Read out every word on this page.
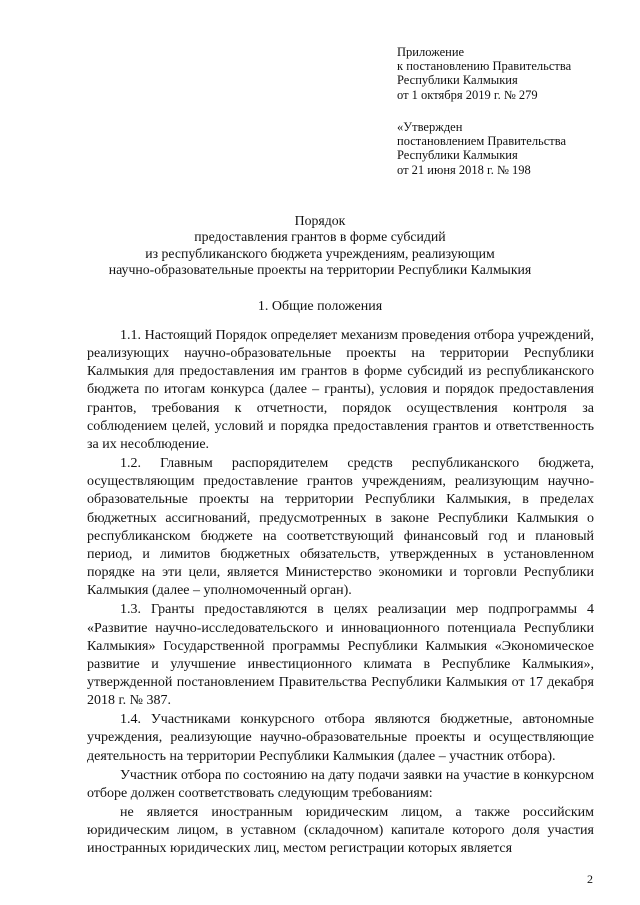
Приложение
к постановлению Правительства
Республики Калмыкия
от 1 октября 2019 г. № 279
«Утвержден
постановлением Правительства
Республики Калмыкия
от 21 июня 2018 г. № 198
Порядок
предоставления грантов в форме субсидий
из республиканского бюджета учреждениям, реализующим
научно-образовательные проекты на территории Республики Калмыкия
1. Общие положения

1.1. Настоящий Порядок определяет механизм проведения отбора учреждений, реализующих научно-образовательные проекты на территории Республики Калмыкия для предоставления им грантов в форме субсидий из республиканского бюджета по итогам конкурса (далее – гранты), условия и порядок предоставления грантов, требования к отчетности, порядок осуществления контроля за соблюдением целей, условий и порядка предоставления грантов и ответственность за их несоблюдение.

1.2. Главным распорядителем средств республиканского бюджета, осуществляющим предоставление грантов учреждениям, реализующим научно-образовательные проекты на территории Республики Калмыкия, в пределах бюджетных ассигнований, предусмотренных в законе Республики Калмыкия о республиканском бюджете на соответствующий финансовый год и плановый период, и лимитов бюджетных обязательств, утвержденных в установленном порядке на эти цели, является Министерство экономики и торговли Республики Калмыкия (далее – уполномоченный орган).

1.3. Гранты предоставляются в целях реализации мер подпрограммы 4 «Развитие научно-исследовательского и инновационного потенциала Республики Калмыкия» Государственной программы Республики Калмыкия «Экономическое развитие и улучшение инвестиционного климата в Республике Калмыкия», утвержденной постановлением Правительства Республики Калмыкия от 17 декабря 2018 г. № 387.

1.4. Участниками конкурсного отбора являются бюджетные, автономные учреждения, реализующие научно-образовательные проекты и осуществляющие деятельность на территории Республики Калмыкия (далее – участник отбора).

Участник отбора по состоянию на дату подачи заявки на участие в конкурсном отборе должен соответствовать следующим требованиям:

не является иностранным юридическим лицом, а также российским юридическим лицом, в уставном (складочном) капитале которого доля участия иностранных юридических лиц, местом регистрации которых является

2
